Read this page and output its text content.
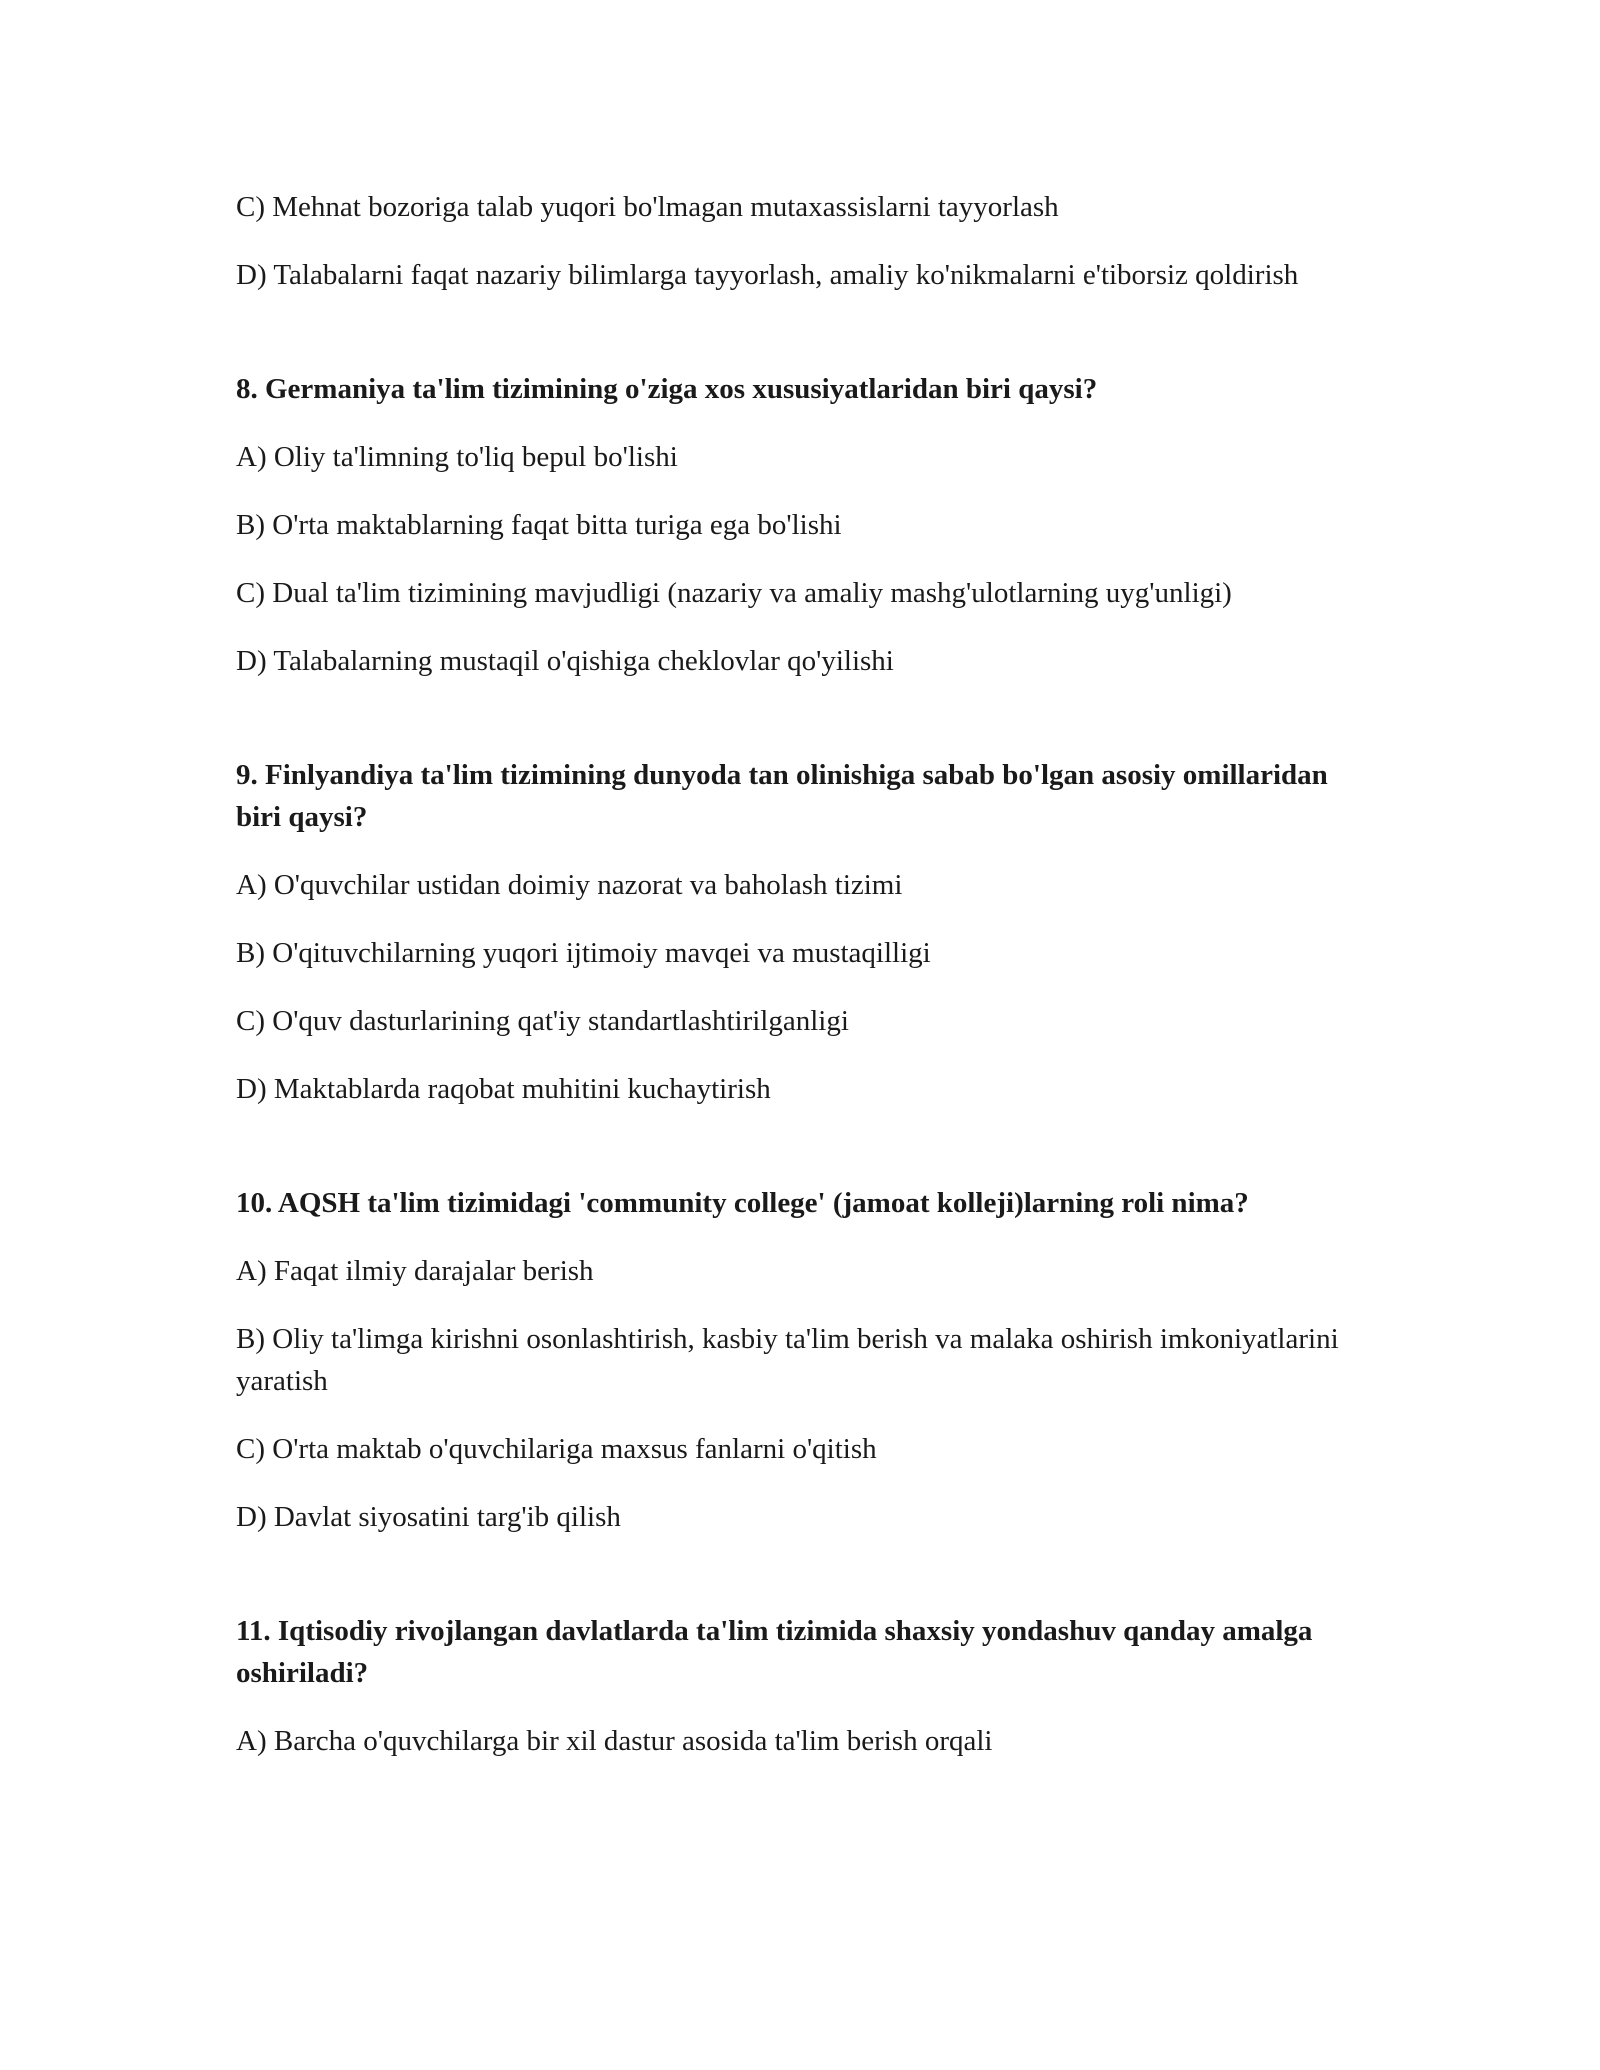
C) Mehnat bozoriga talab yuqori bo'lmagan mutaxassislarni tayyorlash

D) Talabalarni faqat nazariy bilimlarga tayyorlash, amaliy ko'nikmalarni e'tiborsiz qoldirish

8. Germaniya ta'lim tizimining o'ziga xos xususiyatlaridan biri qaysi?

A) Oliy ta'limning to'liq bepul bo'lishi

B) O'rta maktablarning faqat bitta turiga ega bo'lishi

C) Dual ta'lim tizimining mavjudligi (nazariy va amaliy mashg'ulotlarning uyg'unligi)

D) Talabalarning mustaqil o'qishiga cheklovlar qo'yilishi

9. Finlyandiya ta'lim tizimining dunyoda tan olinishiga sabab bo'lgan asosiy omillaridan biri qaysi?

A) O'quvchilar ustidan doimiy nazorat va baholash tizimi

B) O'qituvchilarning yuqori ijtimoiy mavqei va mustaqilligi

C) O'quv dasturlarining qat'iy standartlashtirilganligi

D) Maktablarda raqobat muhitini kuchaytirish

10. AQSH ta'lim tizimidagi 'community college' (jamoat kolleji)larning roli nima?

A) Faqat ilmiy darajalar berish

B) Oliy ta'limga kirishni osonlashtirish, kasbiy ta'lim berish va malaka oshirish imkoniyatlarini yaratish

C) O'rta maktab o'quvchilariga maxsus fanlarni o'qitish

D) Davlat siyosatini targ'ib qilish

11. Iqtisodiy rivojlangan davlatlarda ta'lim tizimida shaxsiy yondashuv qanday amalga oshiriladi?

A) Barcha o'quvchilarga bir xil dastur asosida ta'lim berish orqali
